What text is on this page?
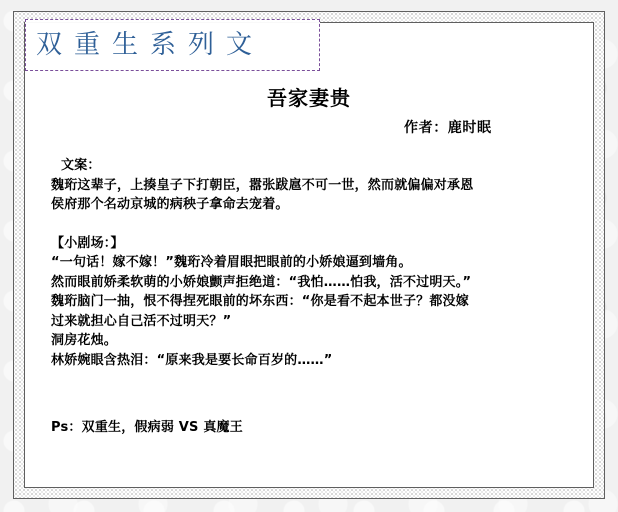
双重生系列文
吾家妻贵
作者：鹿时眠
文案：
魏珩这辈子，上揍皇子下打朝臣，嚣张跋扈不可一世，然而就偏偏对承恩
侯府那个名动京城的病秧子拿命去宠着。
【小剧场：】
“一句话！嫁不嫁！”魏珩冷着眉眼把眼前的小娇娘逼到墙角。
然而眼前娇柔软萌的小娇娘颤声拒绝道：“我怕……怕我，活不过明天。”
魏珩脑门一抽，恨不得捏死眼前的坏东西：“你是看不起本世子？都没嫁
过来就担心自己活不过明天？”
洞房花烛。
林娇婉眼含热泪：“原来我是要长命百岁的……”
Ps：双重生，假病弱 VS 真魔王
